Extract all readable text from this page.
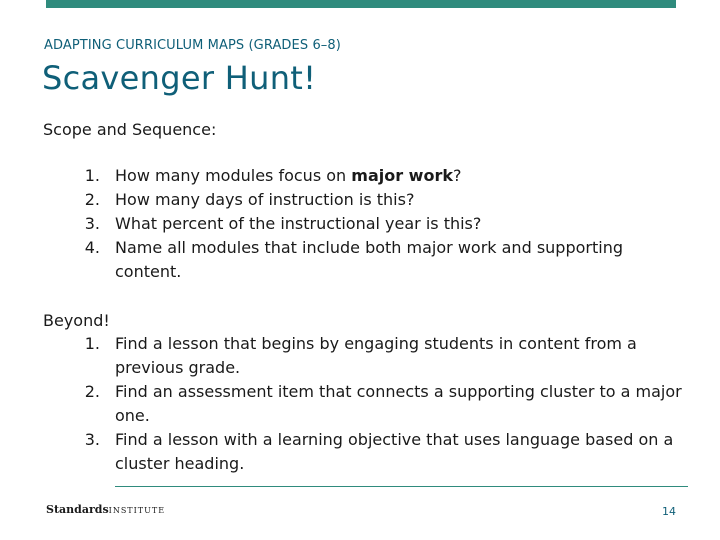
ADAPTING CURRICULUM MAPS (GRADES 6–8)
Scavenger Hunt!
Scope and Sequence:
1. How many modules focus on major work?
2. How many days of instruction is this?
3. What percent of the instructional year is this?
4. Name all modules that include both major work and supporting content.
Beyond!
1. Find a lesson that begins by engaging students in content from a previous grade.
2. Find an assessment item that connects a supporting cluster to a major one.
3. Find a lesson with a learning objective that uses language based on a cluster heading.
StandardsINSTITUTE	14
